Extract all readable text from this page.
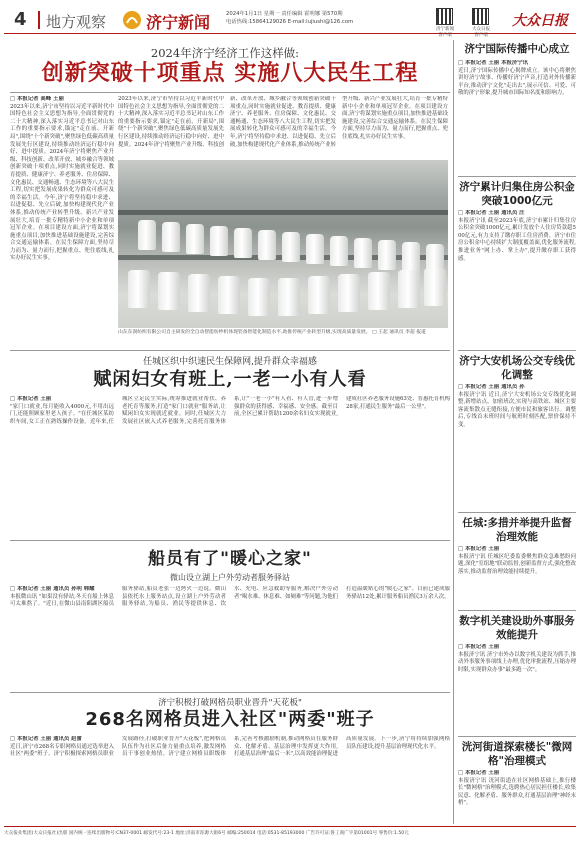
4 地方观察 济宁新闻	2024年1月1日 星期一 责任编辑 霍明娜 第570期
电话热线:15864129026 E-mail:lujiushi@126.com
济宁新闻客户端
大众日报客户端
大众日报
2024年济宁经济工作这样做:
创新突破十项重点 实施八大民生工程
□ 本报记者 高峰 王丽
2023年以来,济宁市坚持以习近平新时代中国特色社会主义思想为指导,全面贯彻党的二十大精神,深入落实习近平总书记对山东工作的重要指示要求,锚定"走在前、开新局",围绕"十个新突破",聚焦绿色低碳高质量发展先行区建设,持续推动经济运行稳中向好、进中提质。2024年济宁将聚焦产业升级、科技创新、改革开放、城乡融合等领域创新突破十项重点,同时实施就业促进、教育提质、健康济宁、养老服务、住房保障、文化惠民、交通畅通、生态环境等八大民生工程,切实把发展成果转化为群众可感可及的幸福生活。今年,济宁将坚持稳中求进、以进促稳、先立后破,加快构建现代化产业体系,推动传统产业转型升级、新兴产业发展壮大,培育一批专精特新中小企业和单项冠军企业。在项目建设方面,济宁将谋划实施重点项目,加快推进基础设施建设,完善综合交通运输体系。在民生保障方面,坚持尽力而为、量力而行,把握重点、兜住底线,扎实办好民生实事。
2023年以来,济宁市坚持以习近平新时代中国特色社会主义思想为指导,全面贯彻党的二十大精神,深入落实习近平总书记对山东工作的重要指示要求,锚定"走在前、开新局",围绕"十个新突破",聚焦绿色低碳高质量发展先行区建设,持续推动经济运行稳中向好、进中提质。2024年济宁将聚焦产业升级、科技创新、改革开放、城乡融合等领域创新突破十项重点,同时实施就业促进、教育提质、健康济宁、养老服务、住房保障、文化惠民、交通畅通、生态环境等八大民生工程,切实把发展成果转化为群众可感可及的幸福生活。今年,济宁将坚持稳中求进、以进促稳、先立后破,加快构建现代化产业体系,推动传统产业转型升级、新兴产业发展壮大,培育一批专精特新中小企业和单项冠军企业。在项目建设方面,济宁将谋划实施重点项目,加快推进基础设施建设,完善综合交通运输体系。在民生保障方面,坚持尽力而为、量力而行,把握重点、兜住底线,扎实办好民生实事。
山东东润纺织有限公司自主研发的全自动智能纺纱机体现装备智能化制造水平,助推传统产业转型升级,实现高质量发展。 □ 王起 通讯员 李超 报道
任城区织中织速民生保障网,提升群众幸福感
赋闲妇女有班上,一老一小有人看
□ 本报记者 王丽
"家门口就业,每月能收入4000元,不用出远门,还能照顾家里老人孩子。"在任城区某纺织车间,女工正在熟练操作设备。近年来,任城区立足民生实际,统筹推进就业帮扶、养老托育等服务,打造"家门口就业"服务站,让赋闲妇女实现就近就业。同时,任城区大力发展社区嵌入式养老服务,完善托育服务体系,让"一老一小"有人看、有人管,进一步增强群众的获得感、幸福感、安全感。截至目前,全区已累计帮助1200余名妇女实现就业,建成社区养老服务设施63处、普惠托育机构28家,打通民生服务"最后一公里"。
船员有了"暖心之家"
微山设立湖上户外劳动者服务驿站
□ 本报记者 王丽 通讯员 孙明 韩耀
本报微山讯 "如果没有驿站,冬天在船上休息可太难熬了。"近日,在微山县南阳湖区船员服务驿站,船员老张一边烤火一边说。微山县依托水上服务站点,设立湖上户外劳动者服务驿站,为船员、渔民等提供休息、饮水、充电、应急救助等服务,解决户外劳动者"喝水难、休息难、如厕难"等问题,为他们打造温暖贴心的"暖心之家"。目前已建成服务驿站12处,累计服务船员渔民3万余人次。
济宁积极打破网格员职业晋升"天花板"
268名网格员进入社区"两委"班子
□ 本报记者 王丽 通讯员 赵蕾
近日,济宁市268名专职网格员通过选举进入社区"两委"班子。济宁积极探索网格员职业发展路径,打破职业晋升"天花板",把网格员队伍作为社区后备力量重点培养,激发网格员干事创业热情。济宁建立网格员职级体系,完善考核激励机制,推动网格员在服务群众、化解矛盾、基层治理中发挥更大作用,打通基层治理"最后一米",以高效能治理促进高质量发展。下一步,济宁将持续加强网格员队伍建设,提升基层治理现代化水平。
济宁国际传播中心成立
□ 本报记者 王丽 本报济宁讯
近日,济宁国际传播中心揭牌成立。该中心将聚焦讲好济宁故事、传播好济宁声音,打造对外传播新平台,推动济宁文化"走出去",展示可信、可爱、可敬的济宁形象,提升城市国际知名度和影响力。
济宁累计归集住房公积金突破1000亿元
□ 本报记者 王丽 通讯员 庄
本报济宁讯 截至2023年底,济宁市累计归集住房公积金突破1000亿元,累计发放个人住房贷款超500亿元,有力支持了缴存职工住房消费。济宁市住房公积金中心持续扩大制度覆盖面,优化服务流程,推进业务"网上办、掌上办",提升缴存职工获得感。
济宁大安机场公交专线优化调整
□ 本报记者 王丽 通讯员 孙
本报济宁讯 近日,济宁大安机场公交专线优化调整,新增站点、加密班次,实现与高铁站、城区主要客流集散点无缝衔接,方便市民和旅客出行。调整后,专线首末班时间与航班时刻匹配,票价保持不变。
任城:多措并举提升监督治理效能
□ 本报记者 王丽
本报济宁讯 任城区纪委监委聚焦群众急难愁盼问题,深化"室组地"联动监督,创新监督方式,强化整改落实,推动监督治理效能持续提升。
数字机关建设助外事服务效能提升
□ 本报记者 王丽
本报济宁讯 济宁市外办以数字机关建设为抓手,推动外事服务事项线上办理,优化审批流程,压缩办理时限,实现群众办事"最多跑一次"。
洸河街道探索楼长"微网格"治理模式
□ 本报记者 王丽
本报济宁讯 洸河街道在社区网格基础上,推行楼长"微网格"治理模式,选聘热心居民担任楼长,收集民意、化解矛盾、服务群众,打通基层治理"神经末梢"。
大众报业集团(大众日报社)出版 国内统一连续出版物号:CN37-0001 邮发代号:23-1 地址:济南市泺源大街6号 邮编:250014 电话:0531-85193000 广告许可证:鲁工商广字第01001号 零售价:1.50元
